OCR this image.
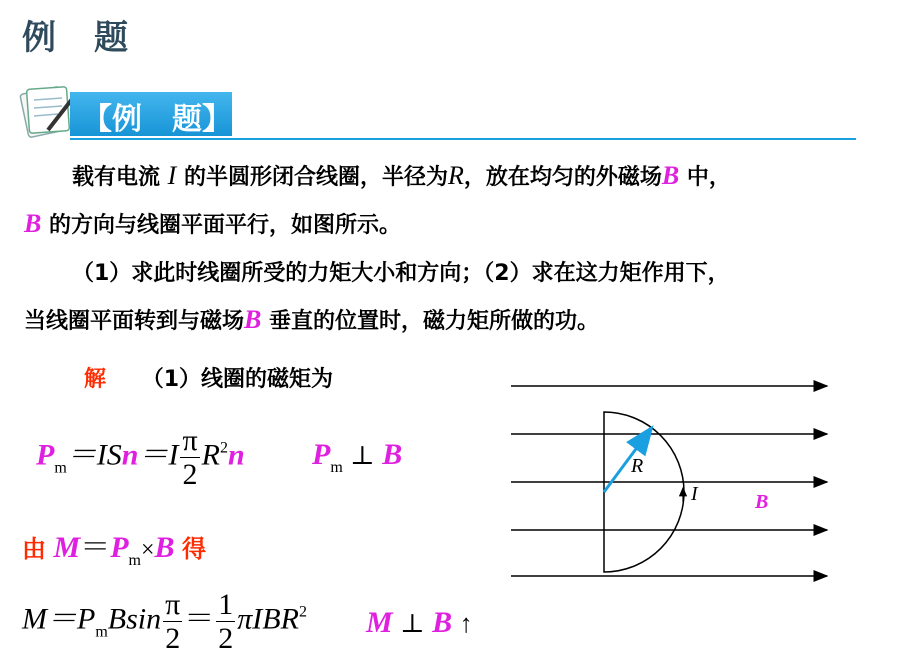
例　题
【例　题】
载有电流 I 的半圆形闭合线圈，半径为R，放在均匀的外磁场B 中，
B 的方向与线圈平面平行，如图所示。
（1）求此时线圈所受的力矩大小和方向；（2）求在这力矩作用下，
当线圈平面转到与磁场B 垂直的位置时，磁力矩所做的功。
解 （1）线圈的磁矩为
$P_m=ISn=I \frac{\pi}{2} R^2n$ $P_m$ ⊥ B
由 $M=P_m\times B$ 得
$M=P_mBsin \frac{\pi}{2} = \frac{1}{2} \pi IBR^2$ M ⊥ B ↑
R
I	B
